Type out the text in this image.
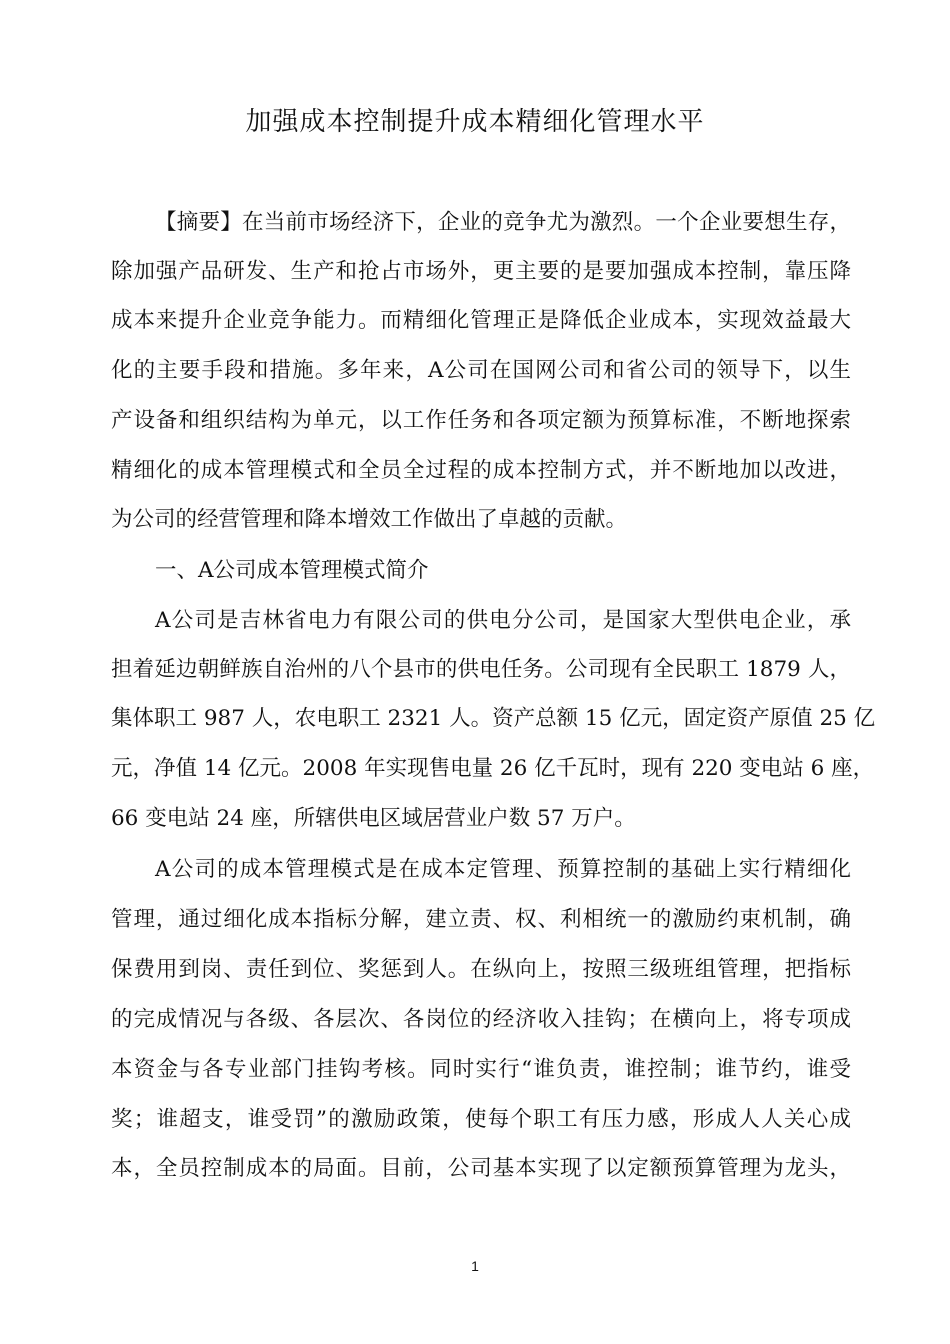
加强成本控制提升成本精细化管理水平
【摘要】在当前市场经济下，企业的竞争尤为激烈。一个企业要想生存，
除加强产品研发、生产和抢占市场外，更主要的是要加强成本控制，靠压降
成本来提升企业竞争能力。而精细化管理正是降低企业成本，实现效益最大
化的主要手段和措施。多年来，A公司在国网公司和省公司的领导下，以生
产设备和组织结构为单元，以工作任务和各项定额为预算标准，不断地探索
精细化的成本管理模式和全员全过程的成本控制方式，并不断地加以改进，
为公司的经营管理和降本增效工作做出了卓越的贡献。
一、A公司成本管理模式简介
A公司是吉林省电力有限公司的供电分公司，是国家大型供电企业，承
担着延边朝鲜族自治州的八个县市的供电任务。公司现有全民职工 1879 人，
集体职工 987 人，农电职工 2321 人。资产总额 15 亿元，固定资产原值 25 亿
元，净值 14 亿元。2008 年实现售电量 26 亿千瓦时，现有 220 变电站 6 座，
66 变电站 24 座，所辖供电区域居营业户数 57 万户。
A公司的成本管理模式是在成本定管理、预算控制的基础上实行精细化
管理，通过细化成本指标分解，建立责、权、利相统一的激励约束机制，确
保费用到岗、责任到位、奖惩到人。在纵向上，按照三级班组管理，把指标
的完成情况与各级、各层次、各岗位的经济收入挂钩；在横向上，将专项成
本资金与各专业部门挂钩考核。同时实行“谁负责，谁控制；谁节约，谁受
奖；谁超支，谁受罚”的激励政策，使每个职工有压力感，形成人人关心成
本，全员控制成本的局面。目前，公司基本实现了以定额预算管理为龙头，
1
